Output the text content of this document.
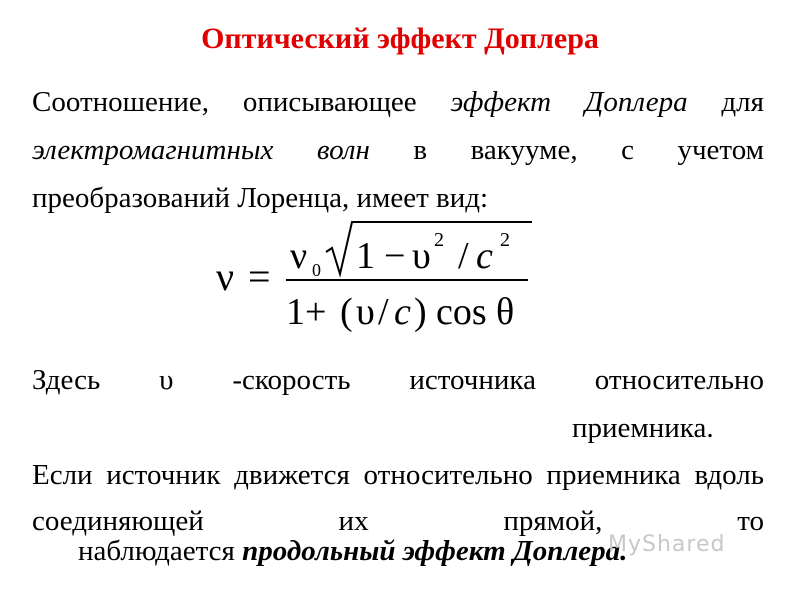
Оптический эффект Доплера
Соотношение, описывающее эффект Доплера для электромагнитных волн в вакууме, с учетом преобразований Лоренца, имеет вид:
ν = ν 0 1 − υ 2 / c 2
1+ ( υ / c ) cos θ
Здесь υ -скорость источника относительно
приемника.
Если источник движется относительно приемника вдоль соединяющей их прямой, то
наблюдается продольный эффект Доплера.
MyShared
